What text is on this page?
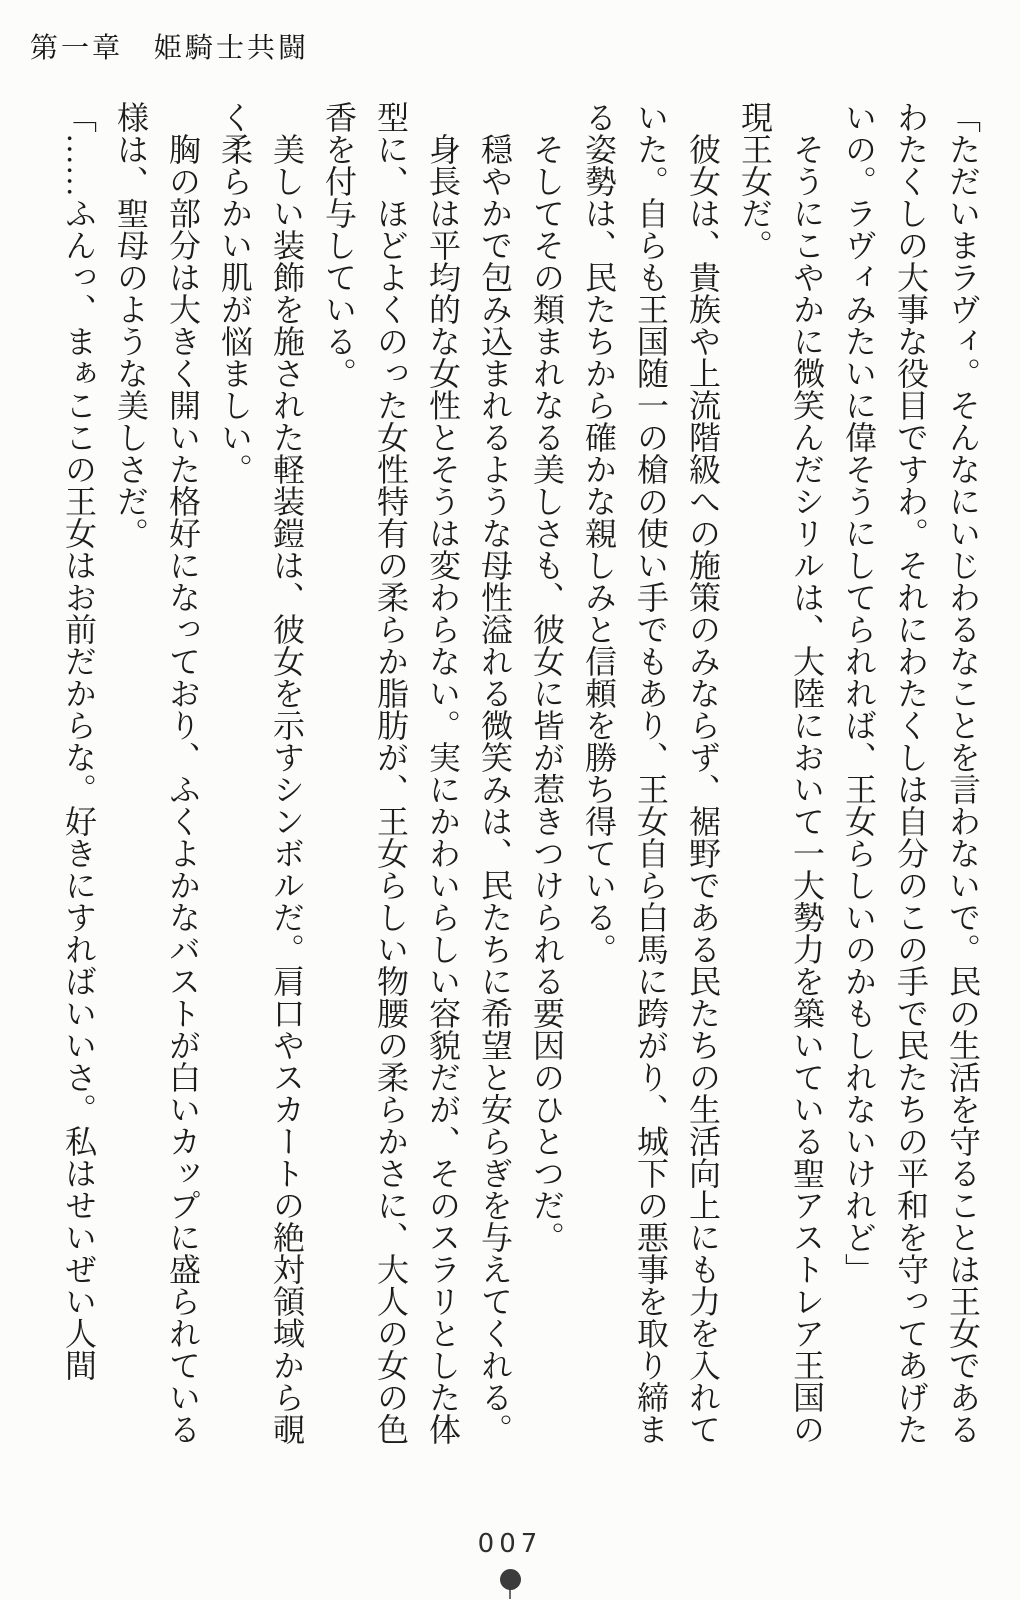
第一章　姫騎士共闘

「ただいまラヴィ。そんなにいじわるなことを言わないで。民の生活を守ることは王女であるわたくしの大事な役目ですわ。それにわたくしは自分のこの手で民たちの平和を守ってあげたいの。ラヴィみたいに偉そうにしてられれば、王女らしいのかもしれないけれど」

そうにこやかに微笑んだシリルは、大陸において一大勢力を築いている聖アストレア王国の現王女だ。

彼女は、貴族や上流階級への施策のみならず、裾野である民たちの生活向上にも力を入れていた。自らも王国随一の槍の使い手でもあり、王女自ら白馬に跨がり、城下の悪事を取り締まる姿勢は、民たちから確かな親しみと信頼を勝ち得ている。

そしてその類まれなる美しさも、彼女に皆が惹きつけられる要因のひとつだ。

穏やかで包み込まれるような母性溢れる微笑みは、民たちに希望と安らぎを与えてくれる。

身長は平均的な女性とそうは変わらない。実にかわいらしい容貌だが、そのスラリとした体型に、ほどよくのった女性特有の柔らか脂肪が、王女らしい物腰の柔らかさに、大人の女の色香を付与している。

美しい装飾を施された軽装鎧は、彼女を示すシンボルだ。肩口やスカートの絶対領域から覗く柔らかい肌が悩ましい。

胸の部分は大きく開いた格好になっており、ふくよかなバストが白いカップに盛られている様は、聖母のような美しさだ。

「……ふんっ、まぁここの王女はお前だからな。好きにすればいいさ。私はせいぜい人間

007
